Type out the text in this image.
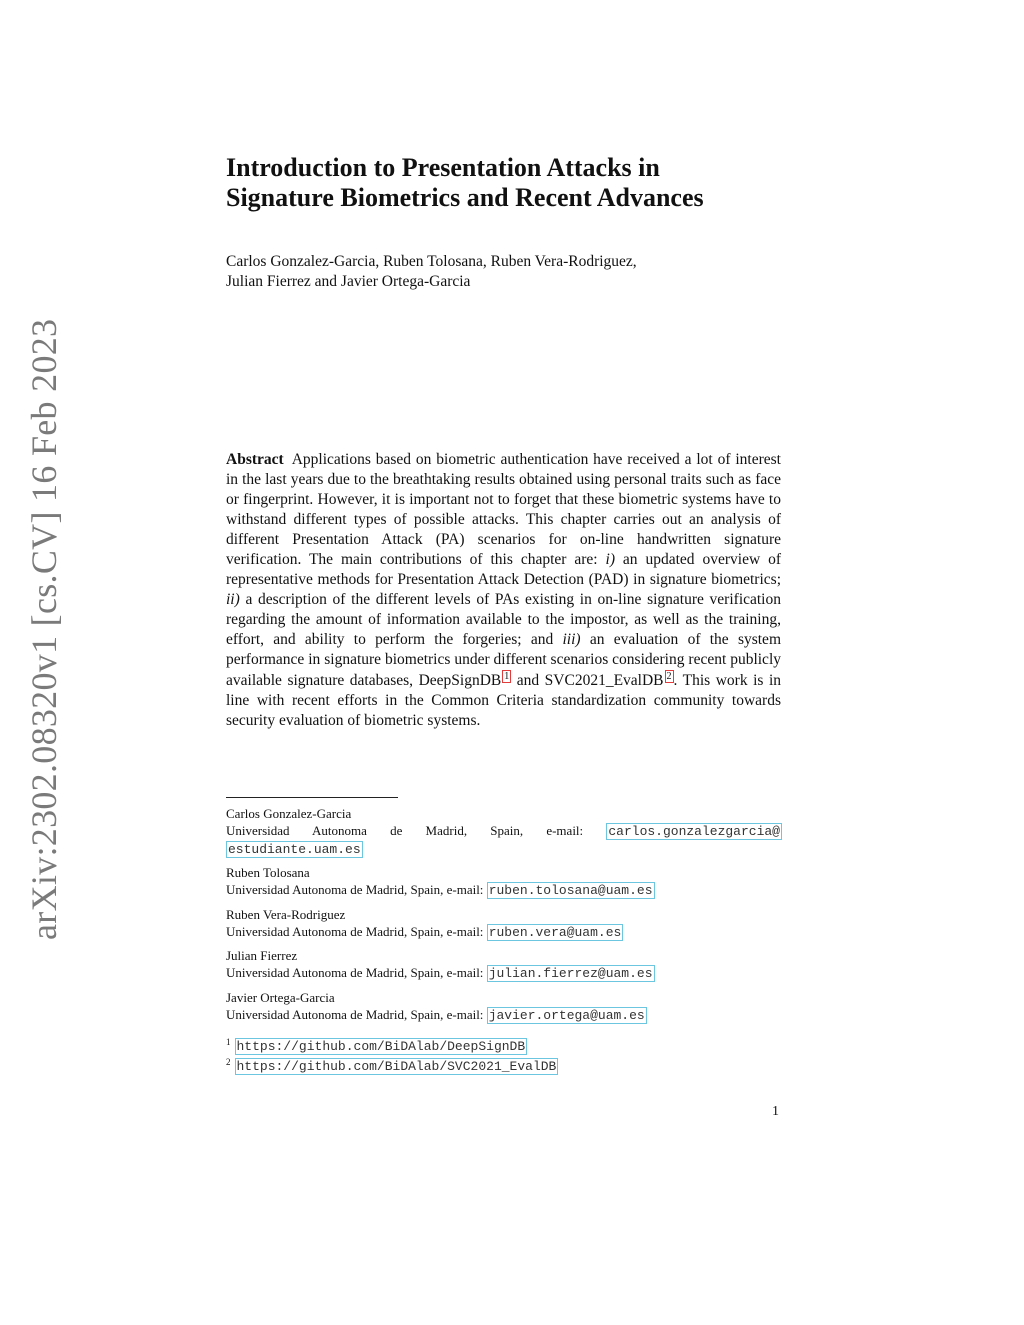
arXiv:2302.08320v1 [cs.CV] 16 Feb 2023
Introduction to Presentation Attacks in
Signature Biometrics and Recent Advances
Carlos Gonzalez-Garcia, Ruben Tolosana, Ruben Vera-Rodriguez,
Julian Fierrez and Javier Ortega-Garcia
Abstract Applications based on biometric authentication have received a lot of interest in the last years due to the breathtaking results obtained using personal traits such as face or fingerprint. However, it is important not to forget that these biometric systems have to withstand different types of possible attacks. This chapter carries out an analysis of different Presentation Attack (PA) scenarios for on-line handwritten signature verification. The main contributions of this chapter are: i) an updated overview of representative methods for Presentation Attack Detection (PAD) in signature biometrics; ii) a description of the different levels of PAs existing in on-line signature verification regarding the amount of information available to the impostor, as well as the training, effort, and ability to perform the forgeries; and iii) an evaluation of the system performance in signature biometrics under different scenarios considering recent publicly available signature databases, DeepSignDB 1 and SVC2021_EvalDB 2 . This work is in line with recent efforts in the Common Criteria standardization community towards security evaluation of biometric systems.
Carlos Gonzalez-Garcia
Universidad Autonoma de Madrid, Spain, e-mail: carlos.gonzalezgarcia@
estudiante.uam.es
Ruben Tolosana
Universidad Autonoma de Madrid, Spain, e-mail: ruben.tolosana@uam.es
Ruben Vera-Rodriguez
Universidad Autonoma de Madrid, Spain, e-mail: ruben.vera@uam.es
Julian Fierrez
Universidad Autonoma de Madrid, Spain, e-mail: julian.fierrez@uam.es
Javier Ortega-Garcia
Universidad Autonoma de Madrid, Spain, e-mail: javier.ortega@uam.es
$^1$ https://github.com/BiDAlab/DeepSignDB
$^2$ https://github.com/BiDAlab/SVC2021_EvalDB
1
